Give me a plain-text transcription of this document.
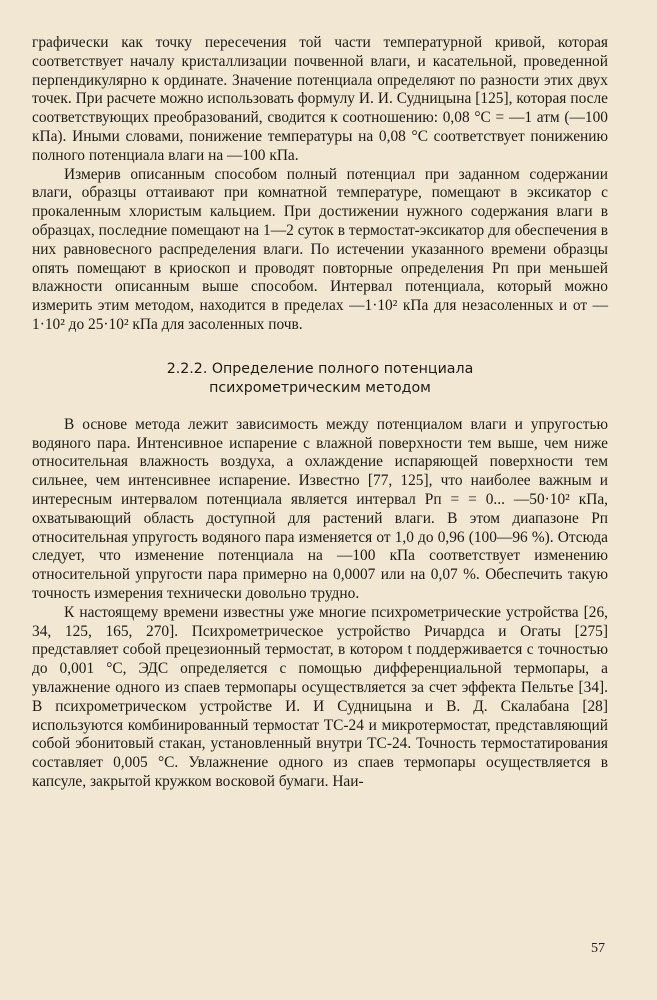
графически как точку пересечения той части температурной кривой, которая соответствует началу кристаллизации почвенной влаги, и касательной, проведенной перпендикулярно к ординате. Значение потенциала определяют по разности этих двух точек. При расчете можно использовать формулу И. И. Судницына [125], которая после соответствующих преобразований, сводится к соотношению: 0,08 °C = —1 атм (—100 кПа). Иными словами, понижение температуры на 0,08 °C соответствует понижению полного потенциала влаги на —100 кПа.

Измерив описанным способом полный потенциал при заданном содержании влаги, образцы оттаивают при комнатной температуре, помещают в эксикатор с прокаленным хлористым кальцием. При достижении нужного содержания влаги в образцах, последние помещают на 1—2 суток в термостат-эксикатор для обеспечения в них равновесного распределения влаги. По истечении указанного времени образцы опять помещают в криоскоп и проводят повторные определения Рп при меньшей влажности описанным выше способом. Интервал потенциала, который можно измерить этим методом, находится в пределах —1·10² кПа для незасоленных и от —1·10² до 25·10² кПа для засоленных почв.

2.2.2. Определение полного потенциала
психрометрическим методом

В основе метода лежит зависимость между потенциалом влаги и упругостью водяного пара. Интенсивное испарение с влажной поверхности тем выше, чем ниже относительная влажность воздуха, а охлаждение испаряющей поверхности тем сильнее, чем интенсивнее испарение. Известно [77, 125], что наиболее важным и интересным интервалом потенциала является интервал Рп = = 0... —50·10² кПа, охватывающий область доступной для растений влаги. В этом диапазоне Рп относительная упругость водяного пара изменяется от 1,0 до 0,96 (100—96 %). Отсюда следует, что изменение потенциала на —100 кПа соответствует изменению относительной упругости пара примерно на 0,0007 или на 0,07 %. Обеспечить такую точность измерения технически довольно трудно.

К настоящему времени известны уже многие психрометрические устройства [26, 34, 125, 165, 270]. Психрометрическое устройство Ричардса и Огаты [275] представляет собой прецезионный термостат, в котором t поддерживается с точностью до 0,001 °C, ЭДС определяется с помощью дифференциальной термопары, а увлажнение одного из спаев термопары осуществляется за счет эффекта Пельтье [34]. В психрометрическом устройстве И. И Судницына и В. Д. Скалабана [28] используются комбинированный термостат ТС-24 и микротермостат, представляющий собой эбонитовый стакан, установленный внутри ТС-24. Точность термостатирования составляет 0,005 °C. Увлажнение одного из спаев термопары осуществляется в капсуле, закрытой кружком восковой бумаги. Наи-

57
